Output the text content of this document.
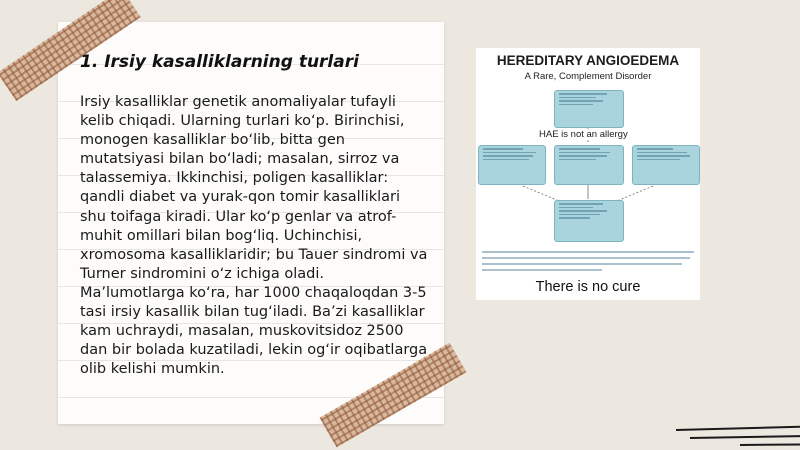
1. Irsiy kasalliklarning turlari

Irsiy kasalliklar genetik anomaliyalar tufayli kelib chiqadi. Ularning turlari ko‘p. Birinchisi, monogen kasalliklar bo‘lib, bitta gen mutatsiyasi bilan bo‘ladi; masalan, sirroz va talassemiya. Ikkinchisi, poligen kasalliklar: qandli diabet va yurak-qon tomir kasalliklari shu toifaga kiradi. Ular ko‘p genlar va atrof-muhit omillari bilan bog‘liq. Uchinchisi, xromosoma kasalliklaridir; bu Tauer sindromi va Turner sindromini o‘z ichiga oladi. Ma’lumotlarga ko‘ra, har 1000 chaqaloqdan 3-5 tasi irsiy kasallik bilan tug‘iladi. Ba’zi kasalliklar kam uchraydi, masalan, muskovitsidoz 2500 dan bir bolada kuzatiladi, lekin og‘ir oqibatlarga olib kelishi mumkin.

HEREDITARY ANGIOEDEMA
A Rare, Complement Disorder
HAE is not an allergy
There is no cure
